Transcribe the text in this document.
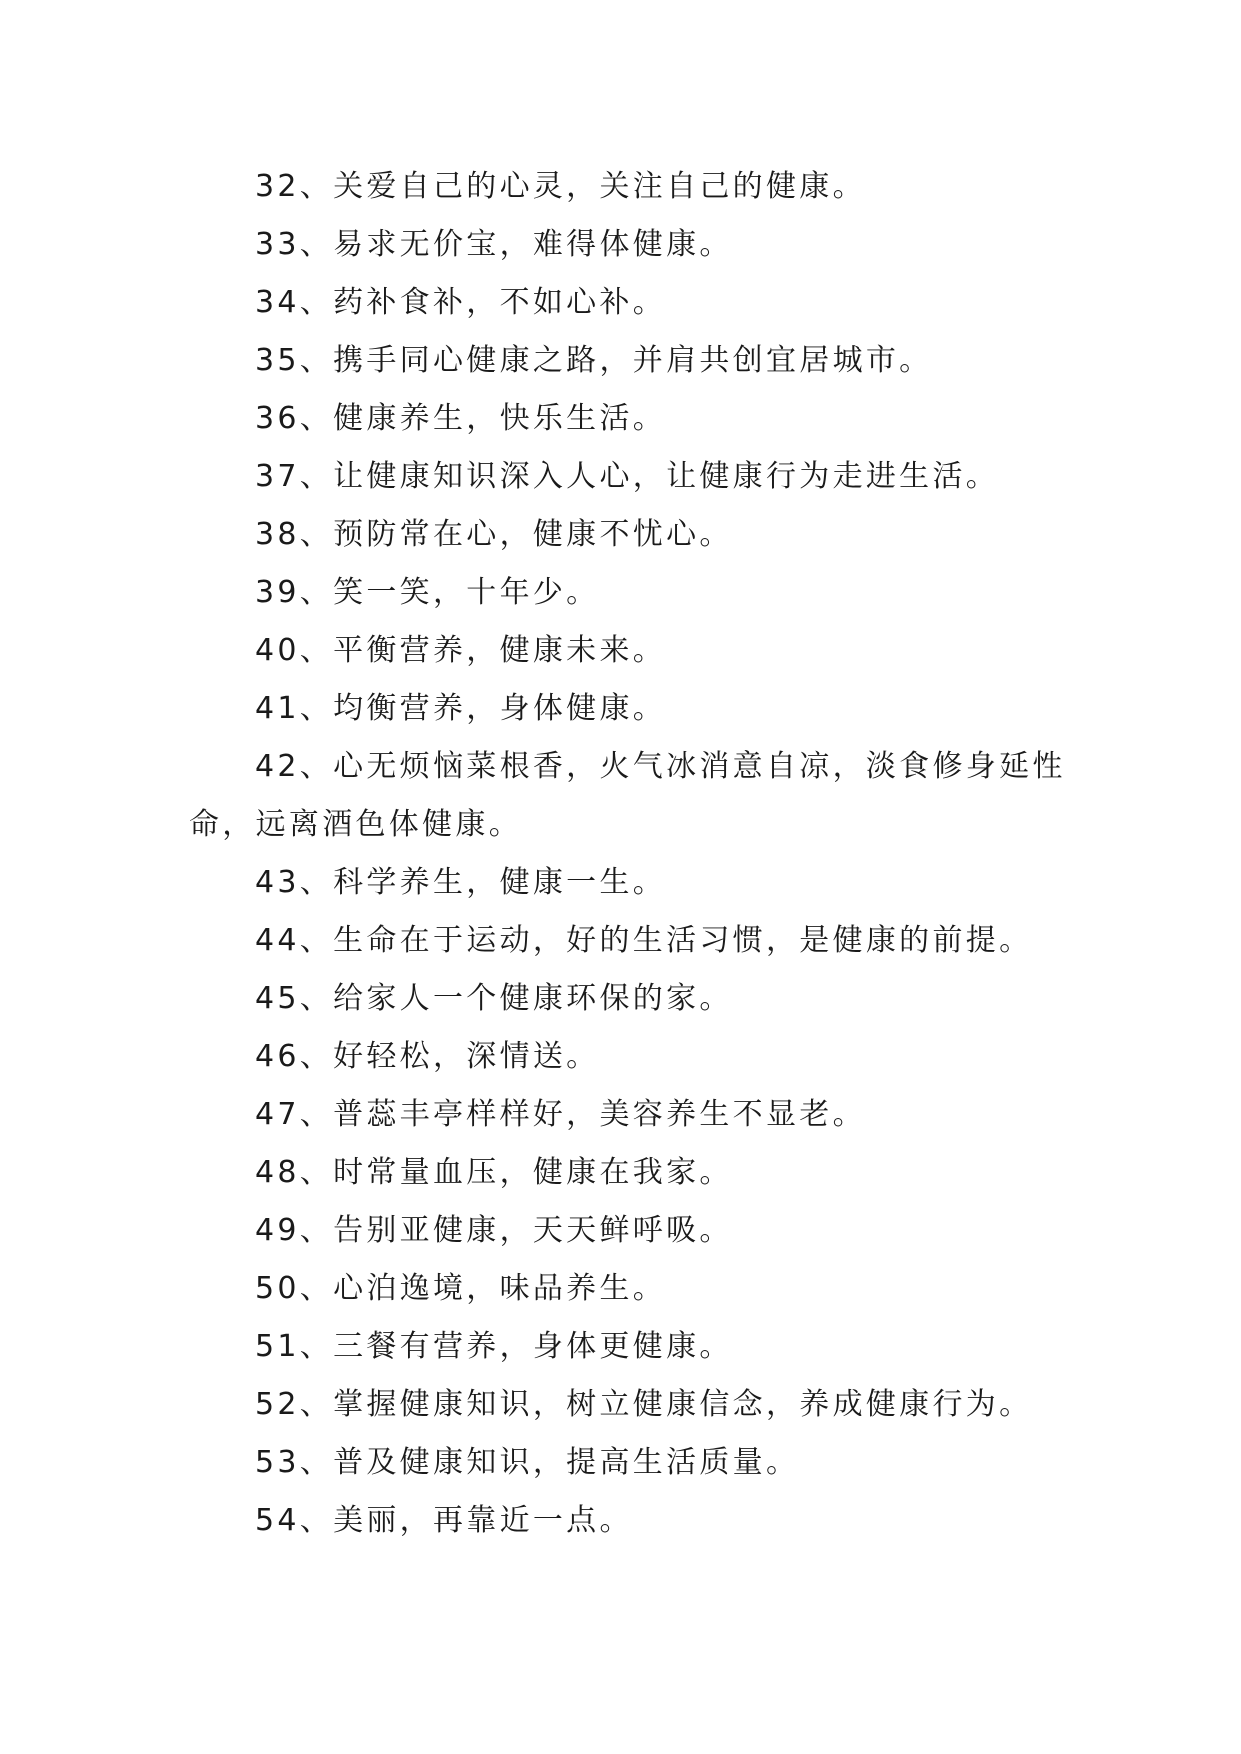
32、关爱自己的心灵，关注自己的健康。

33、易求无价宝，难得体健康。

34、药补食补，不如心补。

35、携手同心健康之路，并肩共创宜居城市。

36、健康养生，快乐生活。

37、让健康知识深入人心，让健康行为走进生活。

38、预防常在心，健康不忧心。

39、笑一笑，十年少。

40、平衡营养，健康未来。

41、均衡营养，身体健康。

42、心无烦恼菜根香，火气冰消意自凉，淡食修身延性命，远离酒色体健康。

43、科学养生，健康一生。

44、生命在于运动，好的生活习惯，是健康的前提。

45、给家人一个健康环保的家。

46、好轻松，深情送。

47、普蕊丰亭样样好，美容养生不显老。

48、时常量血压，健康在我家。

49、告别亚健康，天天鲜呼吸。

50、心泊逸境，味品养生。

51、三餐有营养，身体更健康。

52、掌握健康知识，树立健康信念，养成健康行为。

53、普及健康知识，提高生活质量。

54、美丽，再靠近一点。
